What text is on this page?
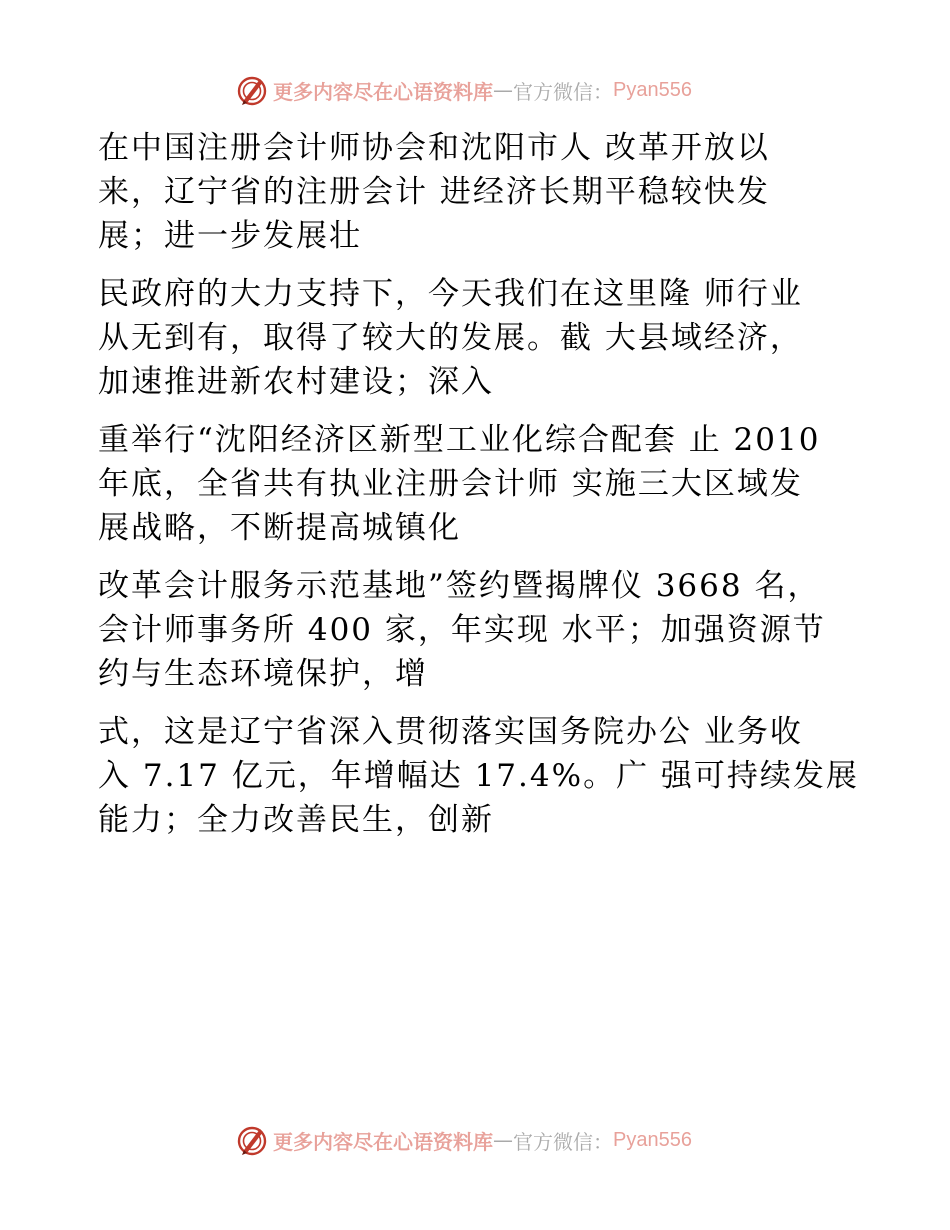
更多内容尽在心语资料库 — 官方微信： Pyan556
在中国注册会计师协会和沈阳市人 改革开放以
来，辽宁省的注册会计 进经济长期平稳较快发
展；进一步发展壮
民政府的大力支持下，今天我们在这里隆 师行业
从无到有，取得了较大的发展。截 大县域经济，
加速推进新农村建设；深入
重举行“沈阳经济区新型工业化综合配套 止 2010
年底，全省共有执业注册会计师 实施三大区域发
展战略，不断提高城镇化
改革会计服务示范基地”签约暨揭牌仪 3668 名，
会计师事务所 400 家，年实现 水平；加强资源节
约与生态环境保护，增
式，这是辽宁省深入贯彻落实国务院办公 业务收
入 7.17 亿元，年增幅达 17.4%。广 强可持续发展
能力；全力改善民生，创新
更多内容尽在心语资料库 — 官方微信： Pyan556
